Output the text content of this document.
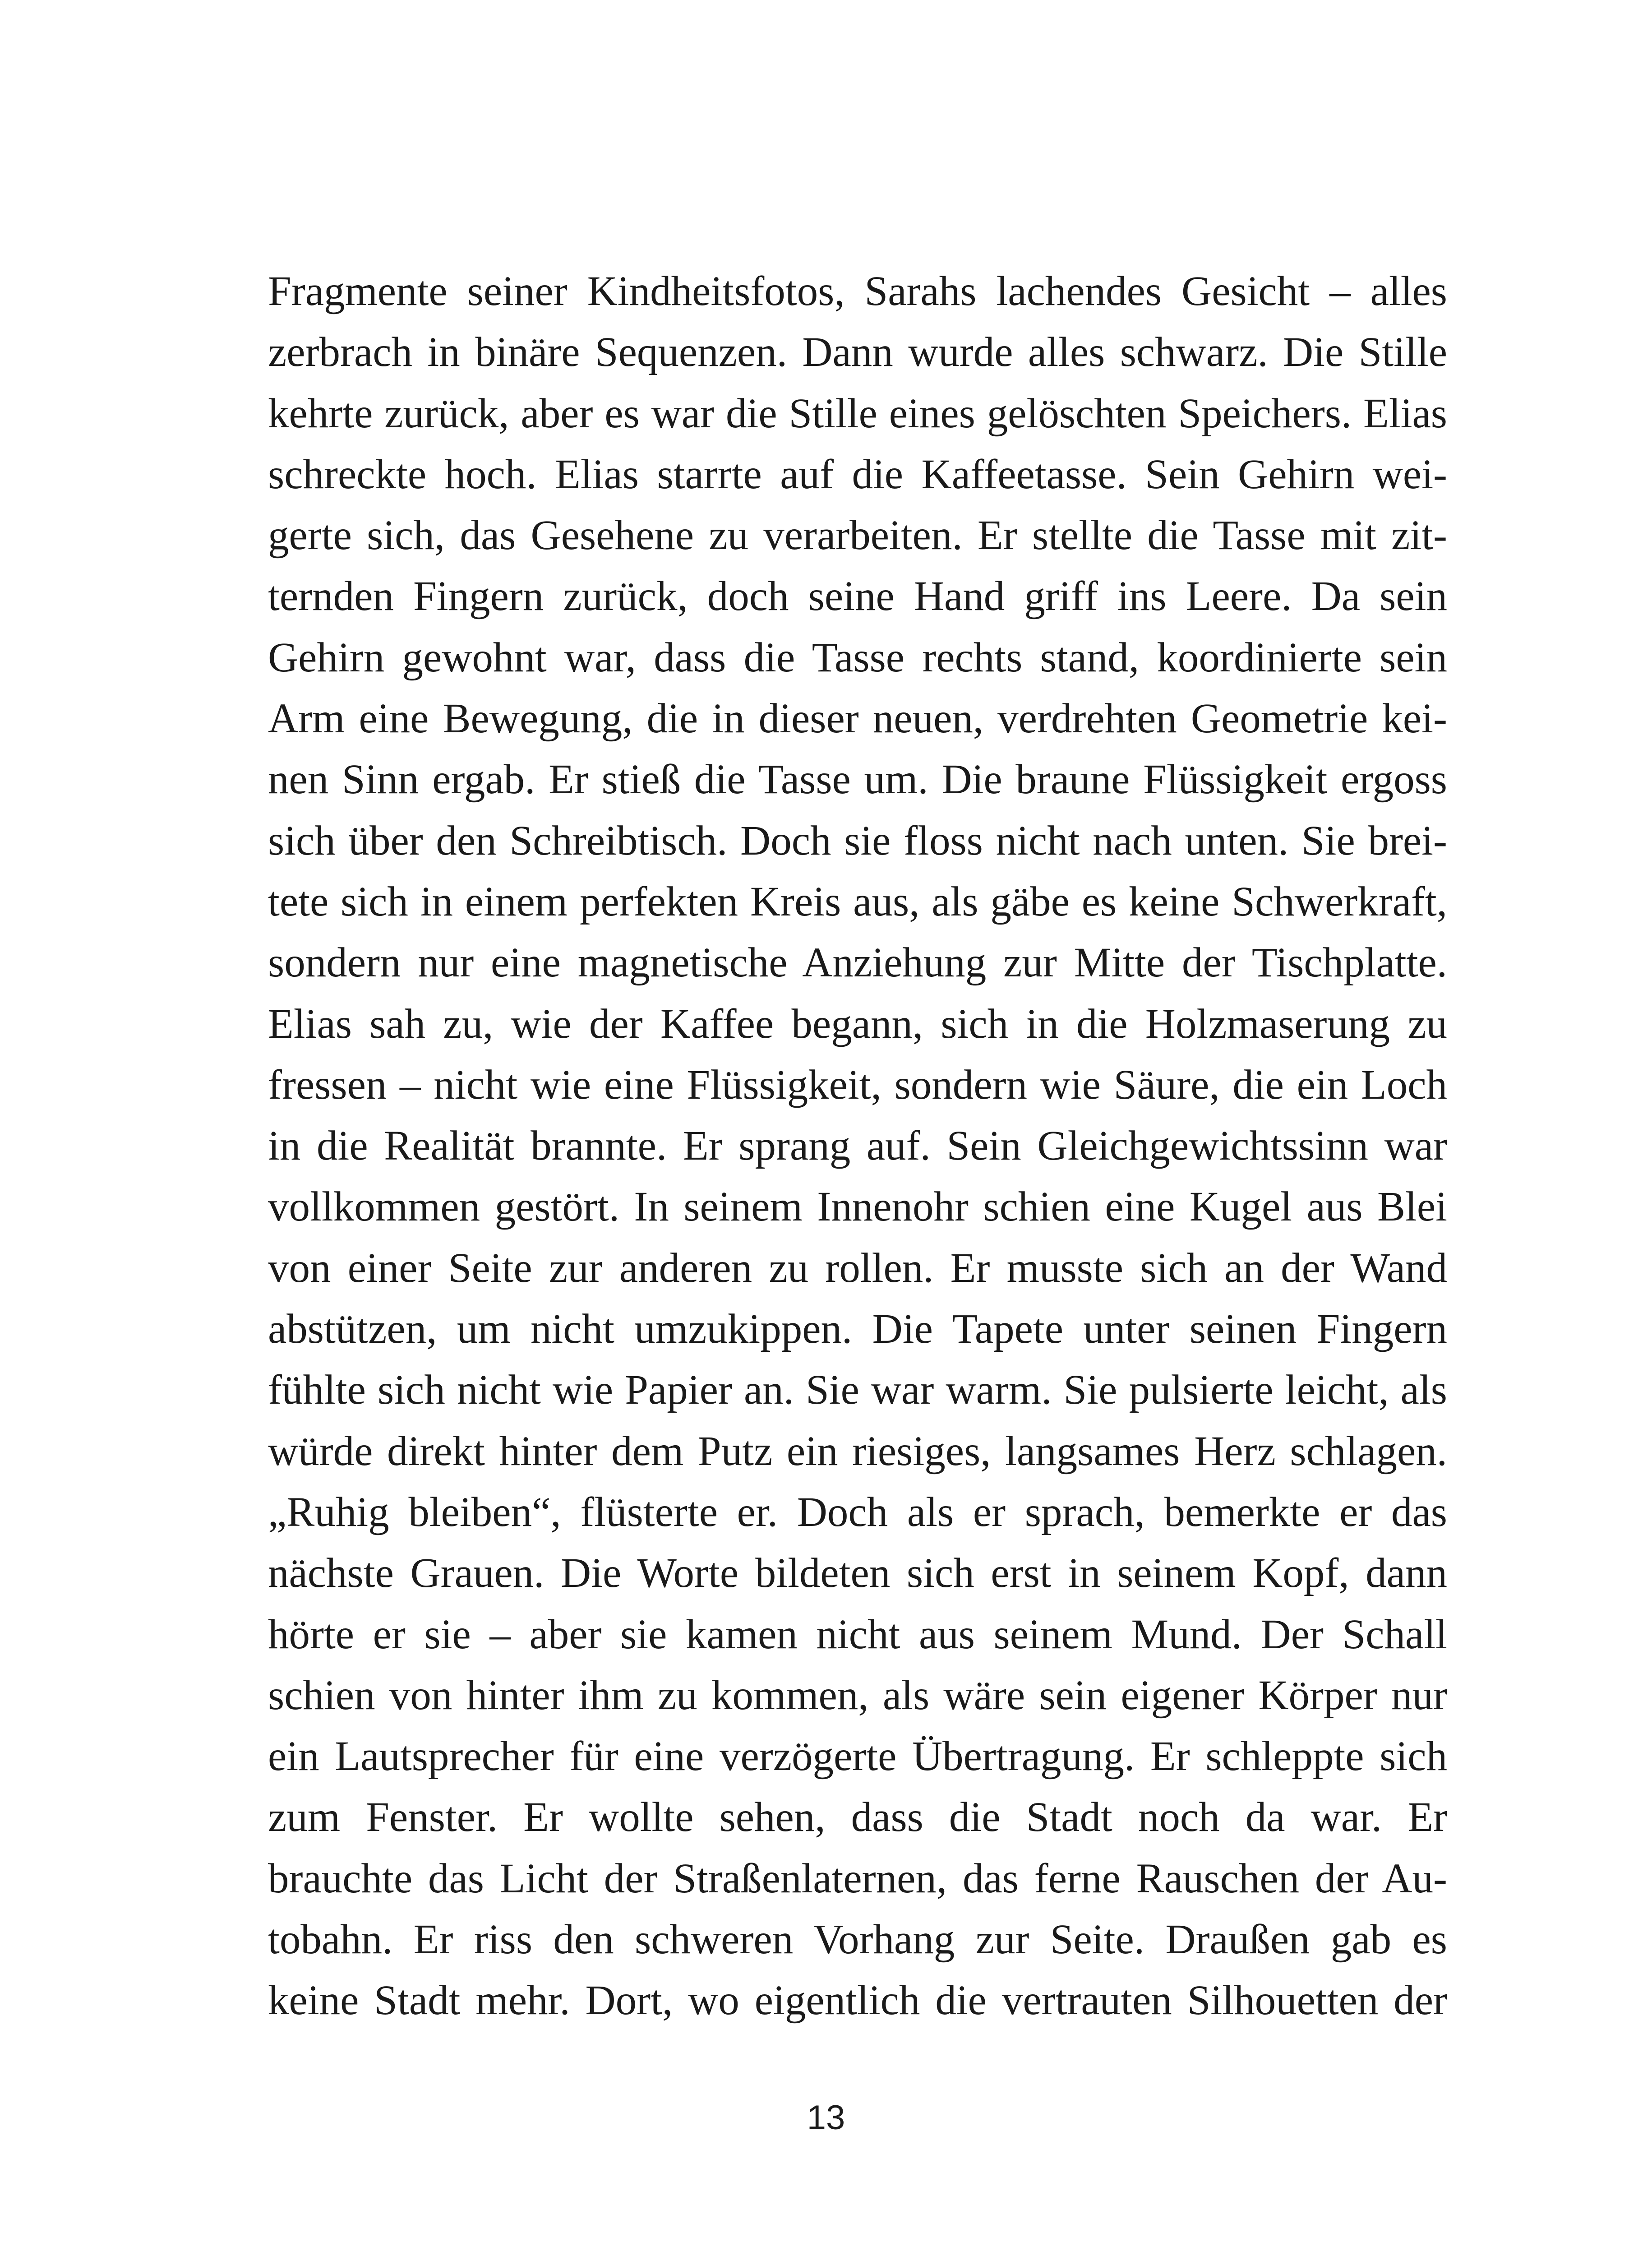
Fragmente seiner Kindheitsfotos, Sarahs lachendes Gesicht – alles
zerbrach in binäre Sequenzen. Dann wurde alles schwarz. Die Stille
kehrte zurück, aber es war die Stille eines gelöschten Speichers. Elias
schreckte hoch. Elias starrte auf die Kaffeetasse. Sein Gehirn wei-
gerte sich, das Gesehene zu verarbeiten. Er stellte die Tasse mit zit-
ternden Fingern zurück, doch seine Hand griff ins Leere. Da sein
Gehirn gewohnt war, dass die Tasse rechts stand, koordinierte sein
Arm eine Bewegung, die in dieser neuen, verdrehten Geometrie kei-
nen Sinn ergab. Er stieß die Tasse um. Die braune Flüssigkeit ergoss
sich über den Schreibtisch. Doch sie floss nicht nach unten. Sie brei-
tete sich in einem perfekten Kreis aus, als gäbe es keine Schwerkraft,
sondern nur eine magnetische Anziehung zur Mitte der Tischplatte.
Elias sah zu, wie der Kaffee begann, sich in die Holzmaserung zu
fressen – nicht wie eine Flüssigkeit, sondern wie Säure, die ein Loch
in die Realität brannte. Er sprang auf. Sein Gleichgewichtssinn war
vollkommen gestört. In seinem Innenohr schien eine Kugel aus Blei
von einer Seite zur anderen zu rollen. Er musste sich an der Wand
abstützen, um nicht umzukippen. Die Tapete unter seinen Fingern
fühlte sich nicht wie Papier an. Sie war warm. Sie pulsierte leicht, als
würde direkt hinter dem Putz ein riesiges, langsames Herz schlagen.
„Ruhig bleiben“, flüsterte er. Doch als er sprach, bemerkte er das
nächste Grauen. Die Worte bildeten sich erst in seinem Kopf, dann
hörte er sie – aber sie kamen nicht aus seinem Mund. Der Schall
schien von hinter ihm zu kommen, als wäre sein eigener Körper nur
ein Lautsprecher für eine verzögerte Übertragung. Er schleppte sich
zum Fenster. Er wollte sehen, dass die Stadt noch da war. Er
brauchte das Licht der Straßenlaternen, das ferne Rauschen der Au-
tobahn. Er riss den schweren Vorhang zur Seite. Draußen gab es
keine Stadt mehr. Dort, wo eigentlich die vertrauten Silhouetten der
13
